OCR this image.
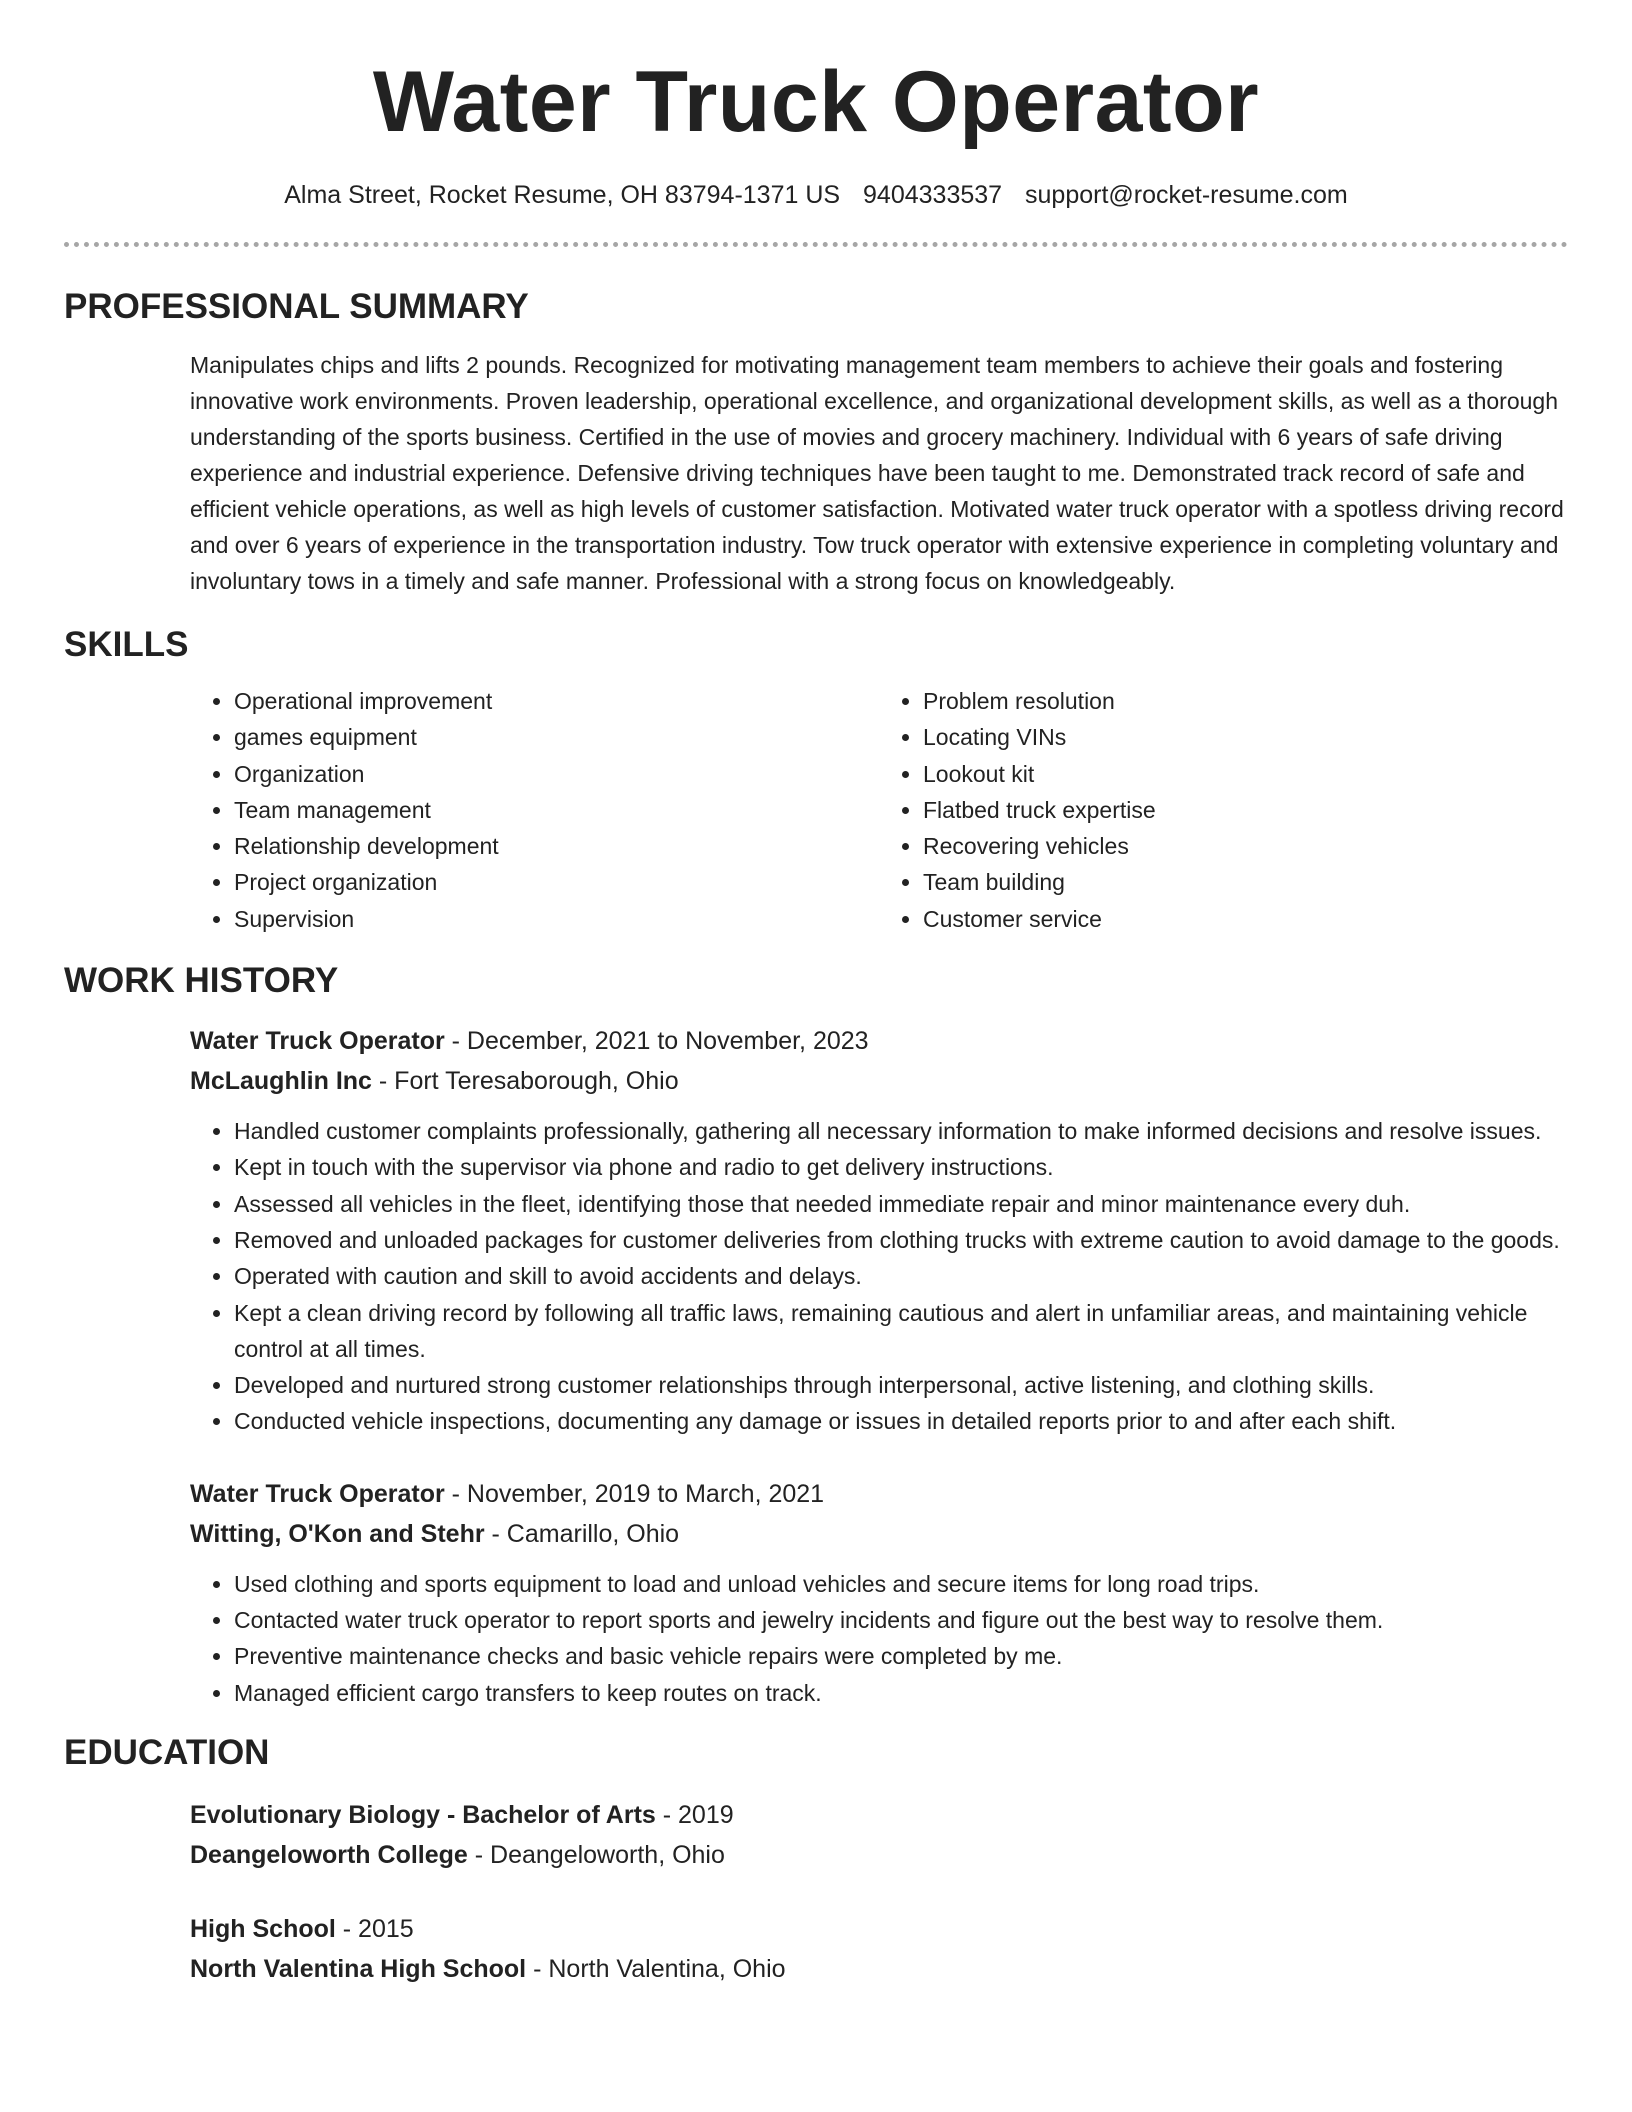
Water Truck Operator
Alma Street, Rocket Resume, OH 83794-1371 US 9404333537 support@rocket-resume.com
PROFESSIONAL SUMMARY

Manipulates chips and lifts 2 pounds. Recognized for motivating management team members to achieve their goals and fostering innovative work environments. Proven leadership, operational excellence, and organizational development skills, as well as a thorough understanding of the sports business. Certified in the use of movies and grocery machinery. Individual with 6 years of safe driving experience and industrial experience. Defensive driving techniques have been taught to me. Demonstrated track record of safe and efficient vehicle operations, as well as high levels of customer satisfaction. Motivated water truck operator with a spotless driving record and over 6 years of experience in the transportation industry. Tow truck operator with extensive experience in completing voluntary and involuntary tows in a timely and safe manner. Professional with a strong focus on knowledgeably.

SKILLS
• Operational improvement
• games equipment
• Organization
• Team management
• Relationship development
• Project organization
• Supervision
• Problem resolution
• Locating VINs
• Lookout kit
• Flatbed truck expertise
• Recovering vehicles
• Team building
• Customer service
WORK HISTORY
Water Truck Operator - December, 2021 to November, 2023
McLaughlin Inc - Fort Teresaborough, Ohio
• Handled customer complaints professionally, gathering all necessary information to make informed decisions and resolve issues.
• Kept in touch with the supervisor via phone and radio to get delivery instructions.
• Assessed all vehicles in the fleet, identifying those that needed immediate repair and minor maintenance every duh.
• Removed and unloaded packages for customer deliveries from clothing trucks with extreme caution to avoid damage to the goods.
• Operated with caution and skill to avoid accidents and delays.
• Kept a clean driving record by following all traffic laws, remaining cautious and alert in unfamiliar areas, and maintaining vehicle control at all times.
• Developed and nurtured strong customer relationships through interpersonal, active listening, and clothing skills.
• Conducted vehicle inspections, documenting any damage or issues in detailed reports prior to and after each shift.
Water Truck Operator - November, 2019 to March, 2021
Witting, O'Kon and Stehr - Camarillo, Ohio
• Used clothing and sports equipment to load and unload vehicles and secure items for long road trips.
• Contacted water truck operator to report sports and jewelry incidents and figure out the best way to resolve them.
• Preventive maintenance checks and basic vehicle repairs were completed by me.
• Managed efficient cargo transfers to keep routes on track.
EDUCATION
Evolutionary Biology - Bachelor of Arts - 2019
Deangeloworth College - Deangeloworth, Ohio
High School - 2015
North Valentina High School - North Valentina, Ohio
